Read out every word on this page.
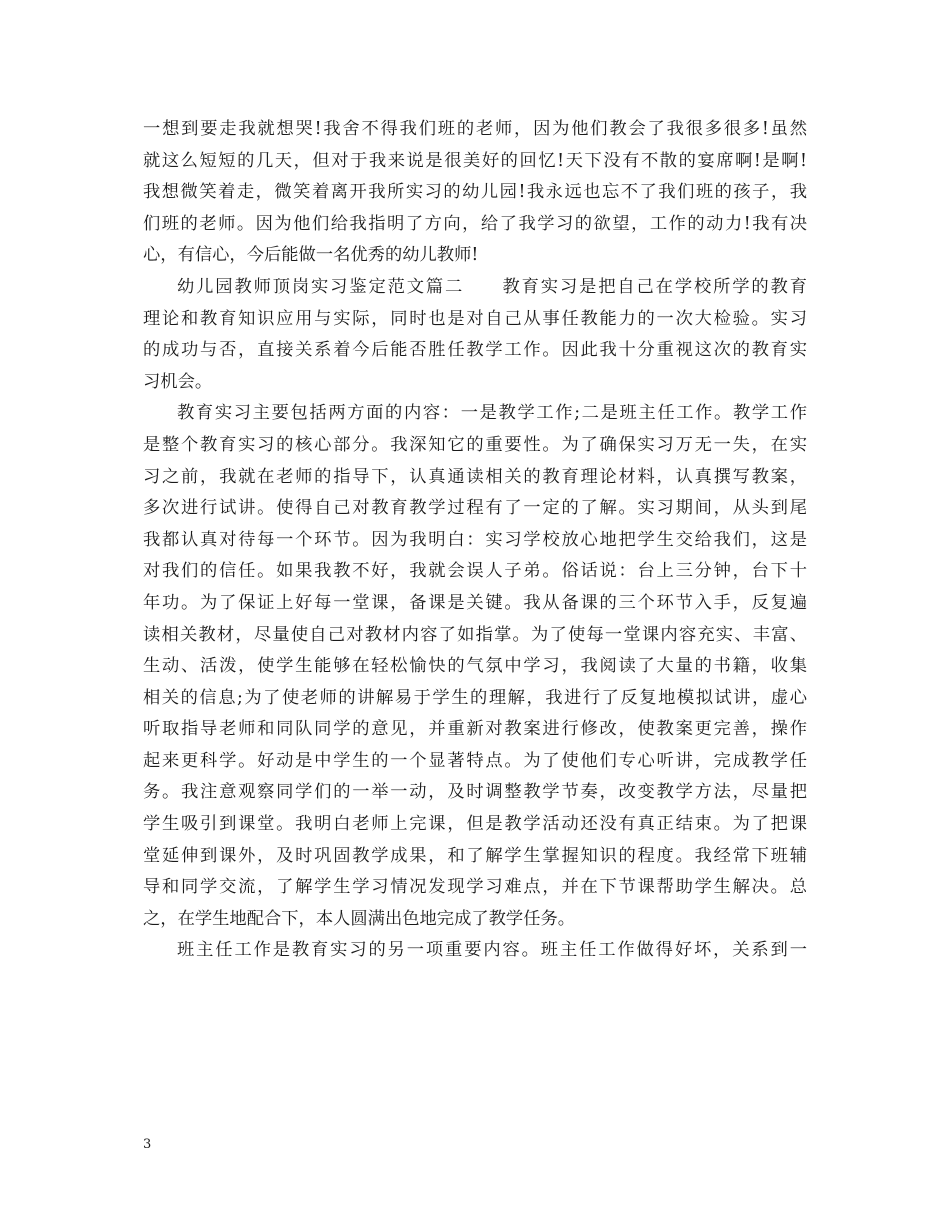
一想到要走我就想哭!我舍不得我们班的老师，因为他们教会了我很多很多!虽然
就这么短短的几天，但对于我来说是很美好的回忆!天下没有不散的宴席啊!是啊!
我想微笑着走，微笑着离开我所实习的幼儿园!我永远也忘不了我们班的孩子，我
们班的老师。因为他们给我指明了方向，给了我学习的欲望，工作的动力!我有决
心，有信心，今后能做一名优秀的幼儿教师!
幼儿园教师顶岗实习鉴定范文篇二　　教育实习是把自己在学校所学的教育
理论和教育知识应用与实际，同时也是对自己从事任教能力的一次大检验。实习
的成功与否，直接关系着今后能否胜任教学工作。因此我十分重视这次的教育实
习机会。
教育实习主要包括两方面的内容：一是教学工作;二是班主任工作。教学工作
是整个教育实习的核心部分。我深知它的重要性。为了确保实习万无一失，在实
习之前，我就在老师的指导下，认真通读相关的教育理论材料，认真撰写教案，
多次进行试讲。使得自己对教育教学过程有了一定的了解。实习期间，从头到尾
我都认真对待每一个环节。因为我明白：实习学校放心地把学生交给我们，这是
对我们的信任。如果我教不好，我就会误人子弟。俗话说：台上三分钟，台下十
年功。为了保证上好每一堂课，备课是关键。我从备课的三个环节入手，反复遍
读相关教材，尽量使自己对教材内容了如指掌。为了使每一堂课内容充实、丰富、
生动、活泼，使学生能够在轻松愉快的气氛中学习，我阅读了大量的书籍，收集
相关的信息;为了使老师的讲解易于学生的理解，我进行了反复地模拟试讲，虚心
听取指导老师和同队同学的意见，并重新对教案进行修改，使教案更完善，操作
起来更科学。好动是中学生的一个显著特点。为了使他们专心听讲，完成教学任
务。我注意观察同学们的一举一动，及时调整教学节奏，改变教学方法，尽量把
学生吸引到课堂。我明白老师上完课，但是教学活动还没有真正结束。为了把课
堂延伸到课外，及时巩固教学成果，和了解学生掌握知识的程度。我经常下班辅
导和同学交流，了解学生学习情况发现学习难点，并在下节课帮助学生解决。总
之，在学生地配合下，本人圆满出色地完成了教学任务。
班主任工作是教育实习的另一项重要内容。班主任工作做得好坏，关系到一
3
